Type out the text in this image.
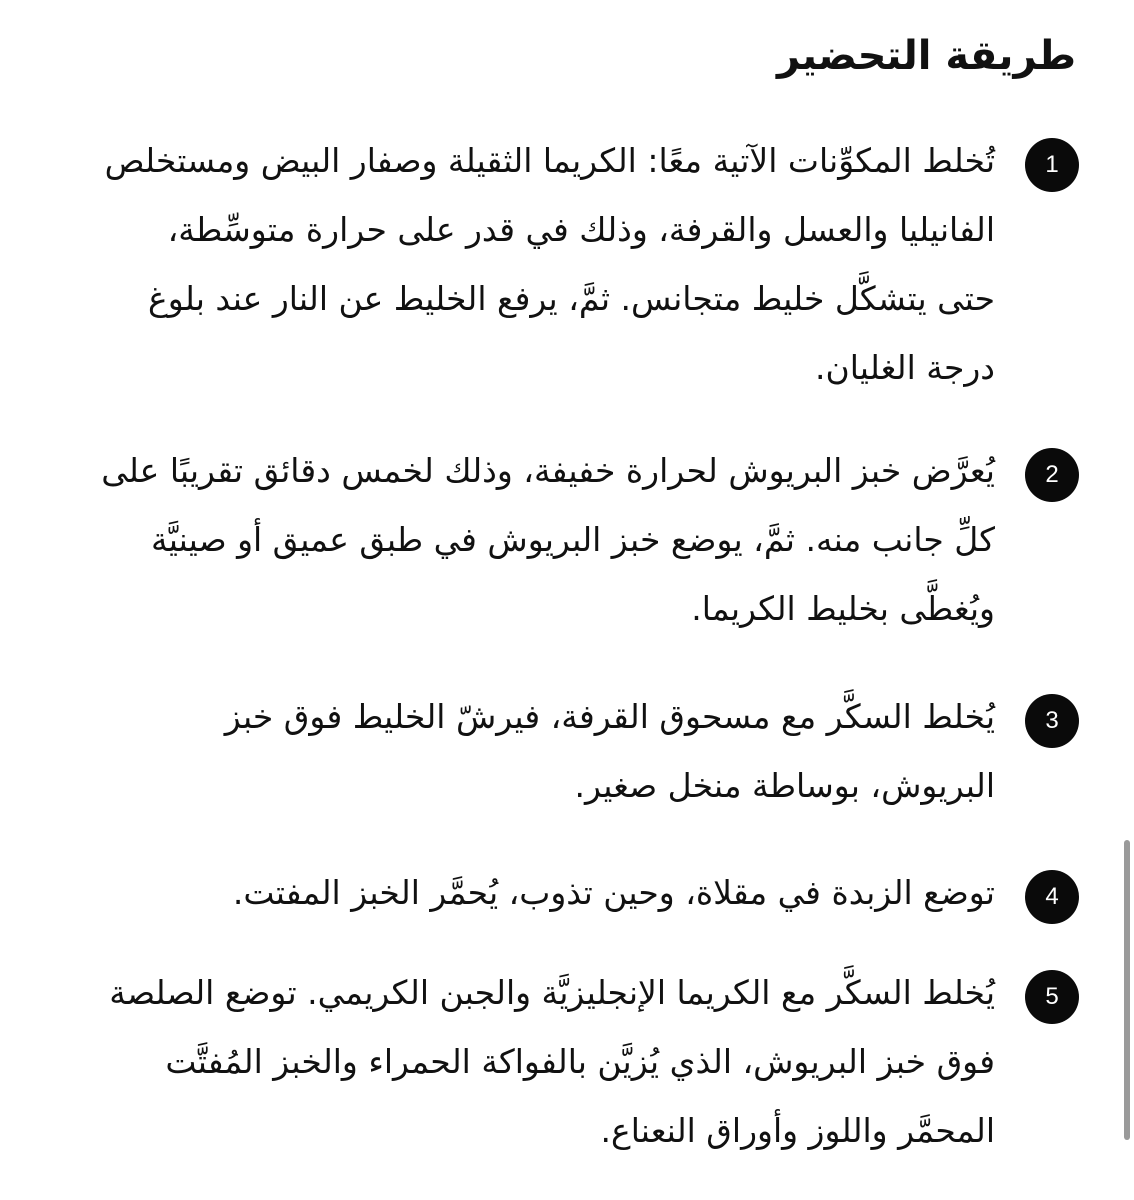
طريقة التحضير
1

تُخلط المكوِّنات الآتية معًا: الكريما الثقيلة وصفار البيض ومستخلص الفانيليا والعسل والقرفة، وذلك في قدر على حرارة متوسِّطة، حتى يتشكَّل خليط متجانس. ثمَّ، يرفع الخليط عن النار عند بلوغ درجة الغليان.

2

يُعرَّض خبز البريوش لحرارة خفيفة، وذلك لخمس دقائق تقريبًا على كلِّ جانب منه. ثمَّ، يوضع خبز البريوش في طبق عميق أو صينيَّة ويُغطَّى بخليط الكريما.

3

يُخلط السكَّر مع مسحوق القرفة، فيرشّ الخليط فوق خبز البريوش، بوساطة منخل صغير.

4

توضع الزبدة في مقلاة، وحين تذوب، يُحمَّر الخبز المفتت.

5

يُخلط السكَّر مع الكريما الإنجليزيَّة والجبن الكريمي. توضع الصلصة فوق خبز البريوش، الذي يُزيَّن بالفواكة الحمراء والخبز المُفتَّت المحمَّر واللوز وأوراق النعناع.
